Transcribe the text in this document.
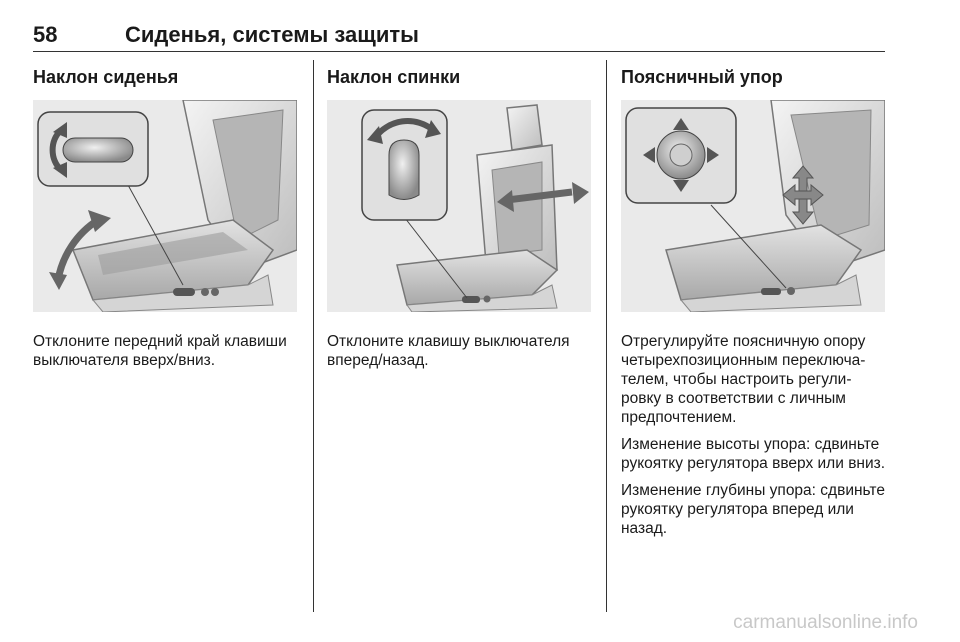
58	Сиденья, системы защиты
Наклон сиденья

Отклоните передний край клавиши выключателя вверх/вниз.

Наклон спинки

Отклоните клавишу выключателя вперед/назад.

Поясничный упор

Отрегулируйте поясничную опору четырехпозиционным переключа-телем, чтобы настроить регули-ровку в соответствии с личным предпочтением.

Изменение высоты упора: сдвиньте рукоятку регулятора вверх или вниз.

Изменение глубины упора: сдвиньте рукоятку регулятора вперед или назад.

carmanualsonline.info
